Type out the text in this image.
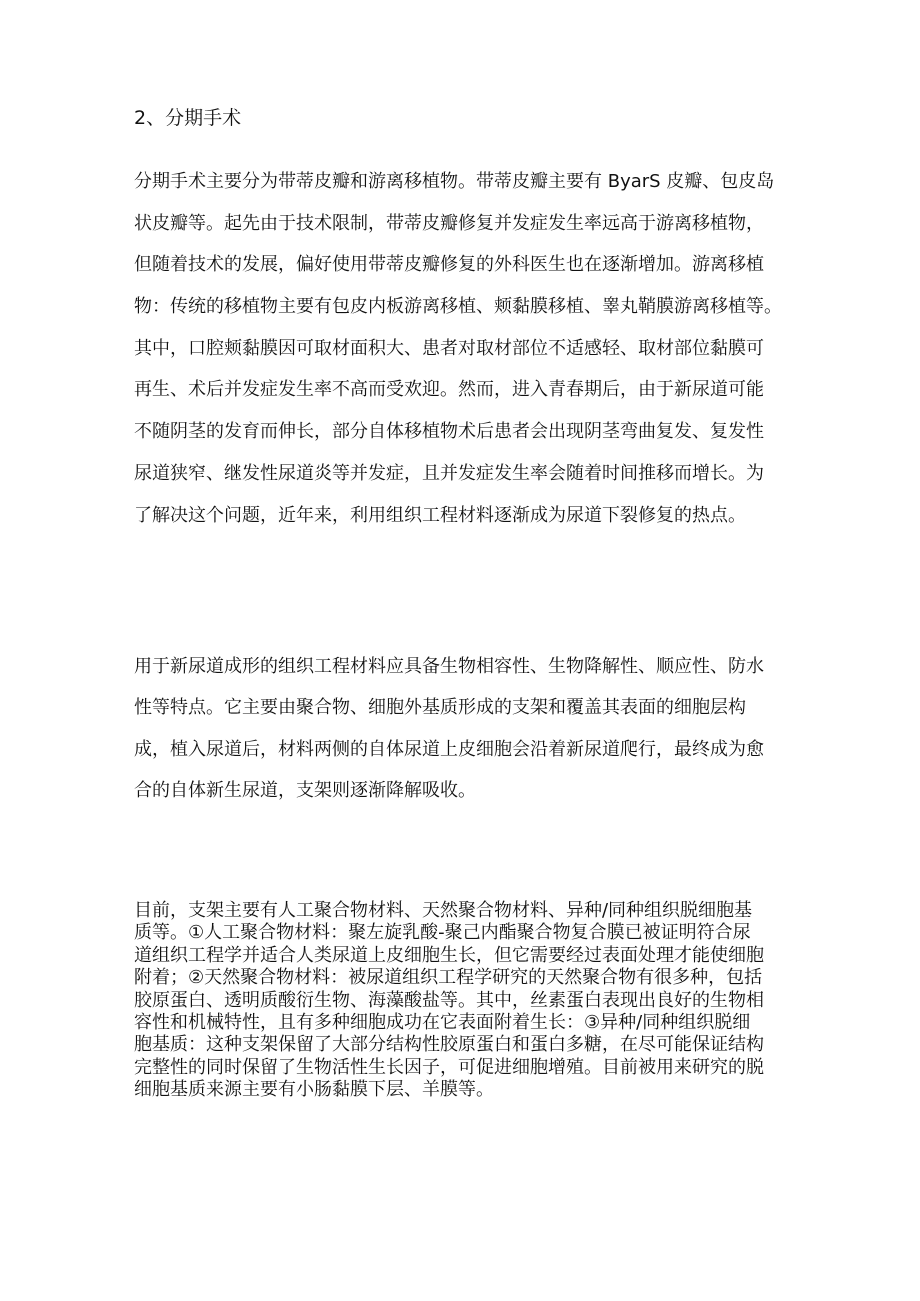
2、分期手术
分期手术主要分为带蒂皮瓣和游离移植物。带蒂皮瓣主要有 ByarS 皮瓣、包皮岛
状皮瓣等。起先由于技术限制，带蒂皮瓣修复并发症发生率远高于游离移植物，
但随着技术的发展，偏好使用带蒂皮瓣修复的外科医生也在逐渐增加。游离移植
物：传统的移植物主要有包皮内板游离移植、颊黏膜移植、睾丸鞘膜游离移植等。
其中，口腔颊黏膜因可取材面积大、患者对取材部位不适感轻、取材部位黏膜可
再生、术后并发症发生率不高而受欢迎。然而，进入青春期后，由于新尿道可能
不随阴茎的发育而伸长，部分自体移植物术后患者会出现阴茎弯曲复发、复发性
尿道狭窄、继发性尿道炎等并发症，且并发症发生率会随着时间推移而增长。为
了解决这个问题，近年来，利用组织工程材料逐渐成为尿道下裂修复的热点。
用于新尿道成形的组织工程材料应具备生物相容性、生物降解性、顺应性、防水
性等特点。它主要由聚合物、细胞外基质形成的支架和覆盖其表面的细胞层构
成，植入尿道后，材料两侧的自体尿道上皮细胞会沿着新尿道爬行，最终成为愈
合的自体新生尿道，支架则逐渐降解吸收。
目前，支架主要有人工聚合物材料、天然聚合物材料、异种/同种组织脱细胞基
质等。①人工聚合物材料：聚左旋乳酸-聚己内酯聚合物复合膜已被证明符合尿
道组织工程学并适合人类尿道上皮细胞生长，但它需要经过表面处理才能使细胞
附着；②天然聚合物材料：被尿道组织工程学研究的天然聚合物有很多种，包括
胶原蛋白、透明质酸衍生物、海藻酸盐等。其中，丝素蛋白表现出良好的生物相
容性和机械特性，且有多种细胞成功在它表面附着生长：③异种/同种组织脱细
胞基质：这种支架保留了大部分结构性胶原蛋白和蛋白多糖，在尽可能保证结构
完整性的同时保留了生物活性生长因子，可促进细胞增殖。目前被用来研究的脱
细胞基质来源主要有小肠黏膜下层、羊膜等。
